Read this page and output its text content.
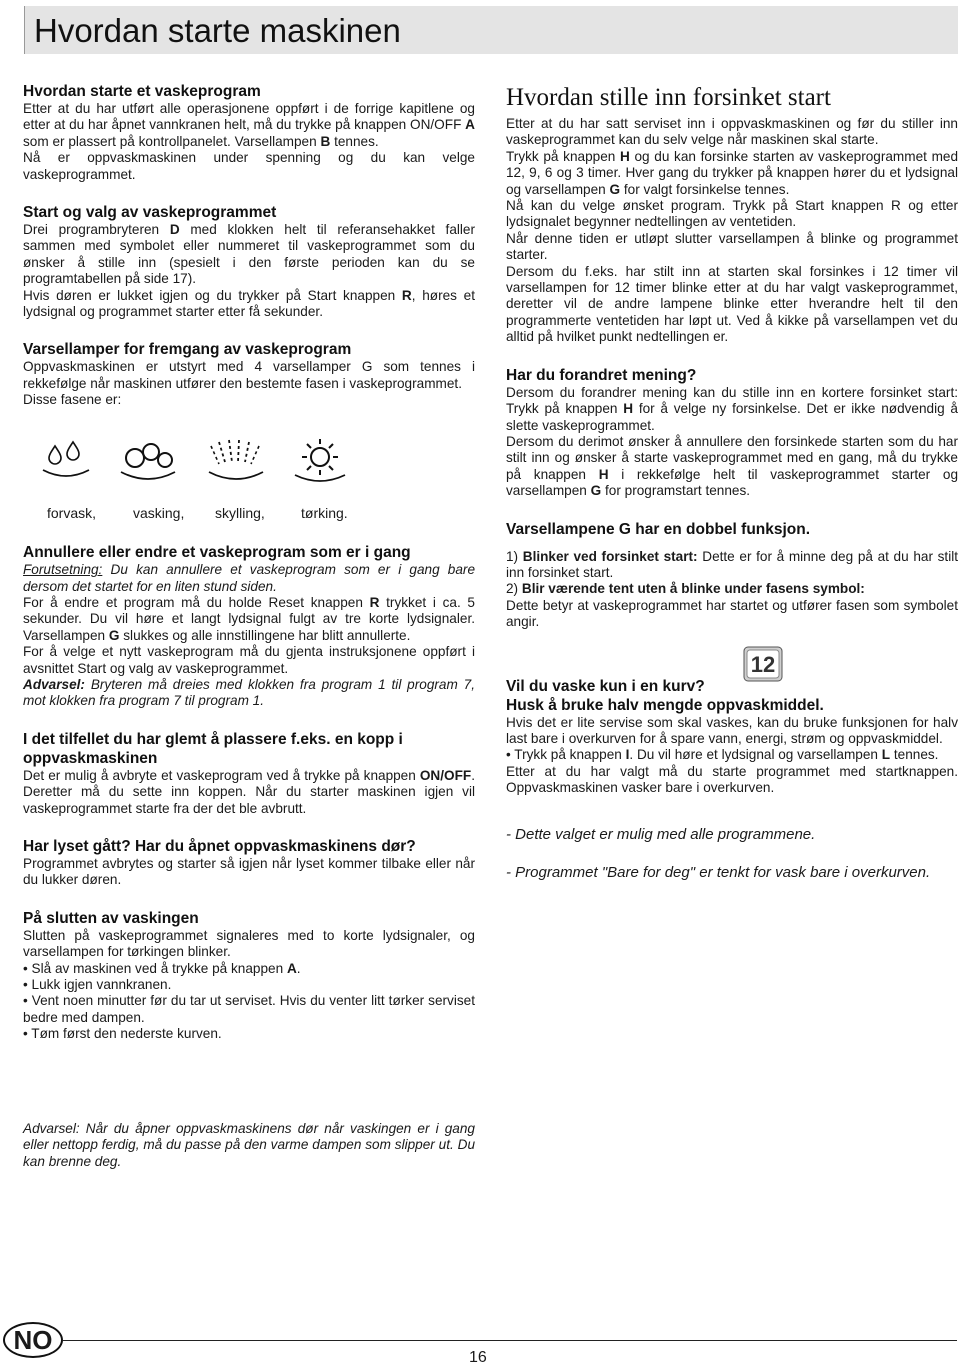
Hvordan starte maskinen
Hvordan starte et vaskeprogram

Etter at du har utført alle operasjonene oppført i de forrige kapitlene og etter at du har åpnet vannkranen helt, må du trykke på knappen ON/OFF A som er plassert på kontrollpanelet. Varsellampen B tennes.

Nå er oppvaskmaskinen under spenning og du kan velge vaskeprogrammet.

Start og valg av vaskeprogrammet

Drei programbryteren D med klokken helt til referansehakket faller sammen med symbolet eller nummeret til vaskeprogrammet som du ønsker å stille inn (spesielt i den første perioden kan du se programtabellen på side 17).

Hvis døren er lukket igjen og du trykker på Start knappen R, høres et lydsignal og programmet starter etter få sekunder.

Varsellamper for fremgang av vaskeprogram

Oppvaskmaskinen er utstyrt med 4 varsellamper G som tennes i rekkefølge når maskinen utfører den bestemte fasen i vaskeprogrammet.

Disse fasene er:

forvask,	vasking,	skylling,	tørking.
Annullere eller endre et vaskeprogram som er i gang

Forutsetning: Du kan annullere et vaskeprogram som er i gang bare dersom det startet for en liten stund siden.

For å endre et program må du holde Reset knappen R trykket i ca. 5 sekunder. Du vil høre et langt lydsignal fulgt av tre korte lydsignaler. Varsellampen G slukkes og alle innstillingene har blitt annullerte.

For å velge et nytt vaskeprogram må du gjenta instruksjonene oppført i avsnittet Start og valg av vaskeprogrammet.

Advarsel: Bryteren må dreies med klokken fra program 1 til program 7, mot klokken fra program 7 til program 1.

I det tilfellet du har glemt å plassere f.eks. en kopp i oppvaskmaskinen

Det er mulig å avbryte et vaskeprogram ved å trykke på knappen ON/OFF. Deretter må du sette inn koppen. Når du starter maskinen igjen vil vaskeprogrammet starte fra der det ble avbrutt.

Har lyset gått? Har du åpnet oppvaskmaskinens dør?

Programmet avbrytes og starter så igjen når lyset kommer tilbake eller når du lukker døren.

På slutten av vaskingen

Slutten på vaskeprogrammet signaleres med to korte lydsignaler, og varsellampen for tørkingen blinker.

• Slå av maskinen ved å trykke på knappen A.

• Lukk igjen vannkranen.

• Vent noen minutter før du tar ut serviset. Hvis du venter litt tørker serviset bedre med dampen.

• Tøm først den nederste kurven.

Advarsel: Når du åpner oppvaskmaskinens dør når vaskingen er i gang eller nettopp ferdig, må du passe på den varme dampen som slipper ut. Du kan brenne deg.

Hvordan stille inn forsinket start

Etter at du har satt serviset inn i oppvaskmaskinen og før du stiller inn vaskeprogrammet kan du selv velge når maskinen skal starte.

Trykk på knappen H og du kan forsinke starten av vaskeprogrammet med 12, 9, 6 og 3 timer. Hver gang du trykker på knappen hører du et lydsignal og varsellampen G for valgt forsinkelse tennes.

Nå kan du velge ønsket program. Trykk på Start knappen R og etter lydsignalet begynner nedtellingen av ventetiden.

Når denne tiden er utløpt slutter varsellampen å blinke og programmet starter.

Dersom du f.eks. har stilt inn at starten skal forsinkes i 12 timer vil varsellampen for 12 timer blinke etter at du har valgt vaskeprogrammet, deretter vil de andre lampene blinke etter hverandre helt til den programmerte ventetiden har løpt ut. Ved å kikke på varsellampen vet du alltid på hvilket punkt nedtellingen er.

Har du forandret mening?

Dersom du forandrer mening kan du stille inn en kortere forsinket start: Trykk på knappen H for å velge ny forsinkelse. Det er ikke nødvendig å slette vaskeprogrammet.

Dersom du derimot ønsker å annullere den forsinkede starten som du har stilt inn og ønsker å starte vaskeprogrammet med en gang, må du trykke på knappen H i rekkefølge helt til vaskeprogrammet starter og varsellampen G for programstart tennes.

Varsellampene G har en dobbel funksjon.

1) Blinker ved forsinket start: Dette er for å minne deg på at du har stilt inn forsinket start.

2) Blir værende tent uten å blinke under fasens symbol:

Dette betyr at vaskeprogrammet har startet og utfører fasen som symbolet angir.

Vil du vaske kun i en kurv?
12
Husk å bruke halv mengde oppvaskmiddel.

Hvis det er lite servise som skal vaskes, kan du bruke funksjonen for halv last bare i overkurven for å spare vann, energi, strøm og oppvaskmiddel.

• Trykk på knappen I. Du vil høre et lydsignal og varsellampen L tennes.

Etter at du har valgt må du starte programmet med startknappen. Oppvaskmaskinen vasker bare i overkurven.

- Dette valget er mulig med alle programmene.

- Programmet "Bare for deg" er tenkt for vask bare i overkurven.

NO
16
